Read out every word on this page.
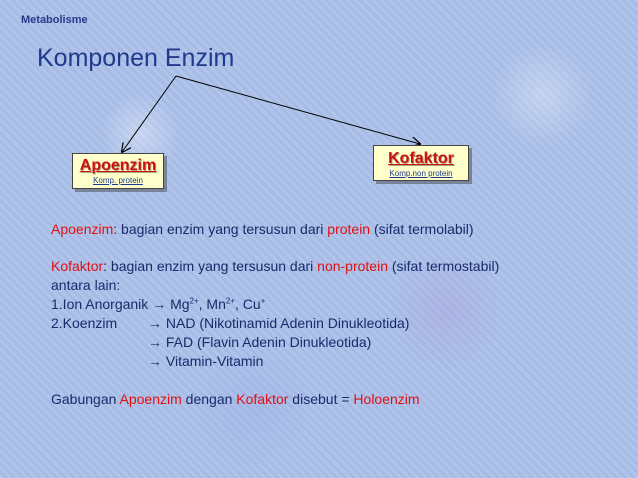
Metabolisme
Komponen Enzim
Apoenzim
Komp. protein
Kofaktor
Komp.non protein
Apoenzim: bagian enzim yang tersusun dari protein (sifat termolabil)
Kofaktor: bagian enzim yang tersusun dari non-protein (sifat termostabil)
antara lain:
1.Ion Anorganik → $Mg^{2+}$, $Mn^{2+}$, Cu+
2.Koenzim → NAD (Nikotinamid Adenin Dinukleotida)
→ FAD (Flavin Adenin Dinukleotida)
→ Vitamin-Vitamin
Gabungan Apoenzim dengan Kofaktor disebut = Holoenzim
